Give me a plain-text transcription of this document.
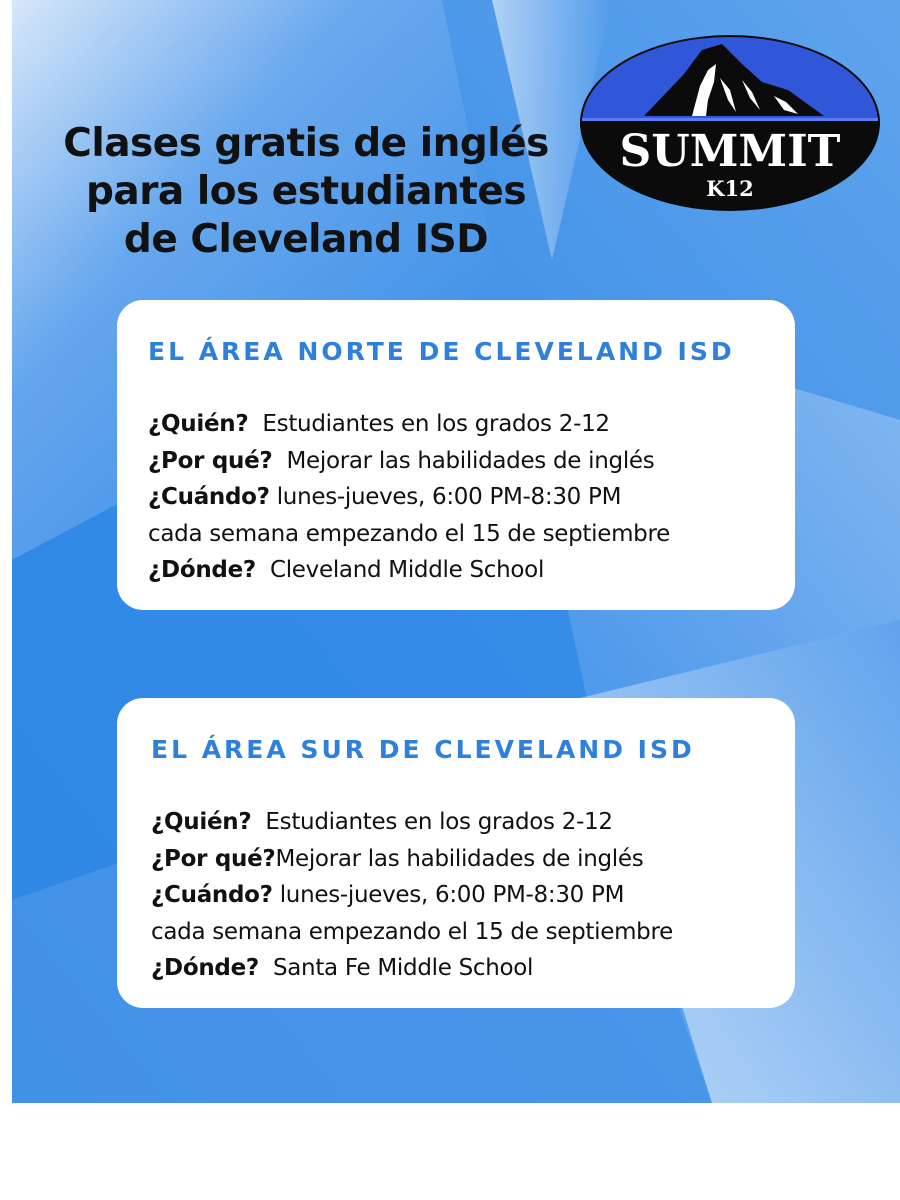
Clases gratis de inglés
para los estudiantes
de Cleveland ISD
SUMMIT
K12
EL ÁREA NORTE DE CLEVELAND ISD
¿Quién? Estudiantes en los grados 2-12
¿Por qué? Mejorar las habilidades de inglés
¿Cuándo? lunes-jueves, 6:00 PM-8:30 PM
cada semana empezando el 15 de septiembre
¿Dónde? Cleveland Middle School
EL ÁREA SUR DE CLEVELAND ISD
¿Quién? Estudiantes en los grados 2-12
¿Por qué?Mejorar las habilidades de inglés
¿Cuándo? lunes-jueves, 6:00 PM-8:30 PM
cada semana empezando el 15 de septiembre
¿Dónde? Santa Fe Middle School
